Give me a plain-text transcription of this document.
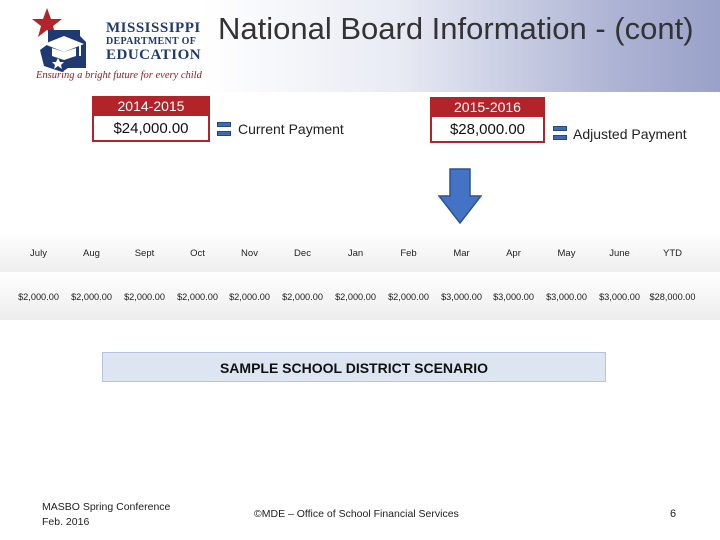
MISSISSIPPI
DEPARTMENT OF
EDUCATION
Ensuring a bright future for every child
National Board Information - (cont)
2014-2015
$24,000.00	Current Payment
2015-2016
$28,000.00	Adjusted Payment
July	Aug	Sept	Oct	Nov	Dec	Jan	Feb	Mar	Apr	May	June	YTD
$2,000.00	$2,000.00	$2,000.00	$2,000.00	$2,000.00	$2,000.00	$2,000.00	$2,000.00	$3,000.00	$3,000.00	$3,000.00	$3,000.00	$28,000.00
SAMPLE SCHOOL DISTRICT SCENARIO
MASBO Spring Conference
Feb. 2016
©MDE – Office of School Financial Services	6
